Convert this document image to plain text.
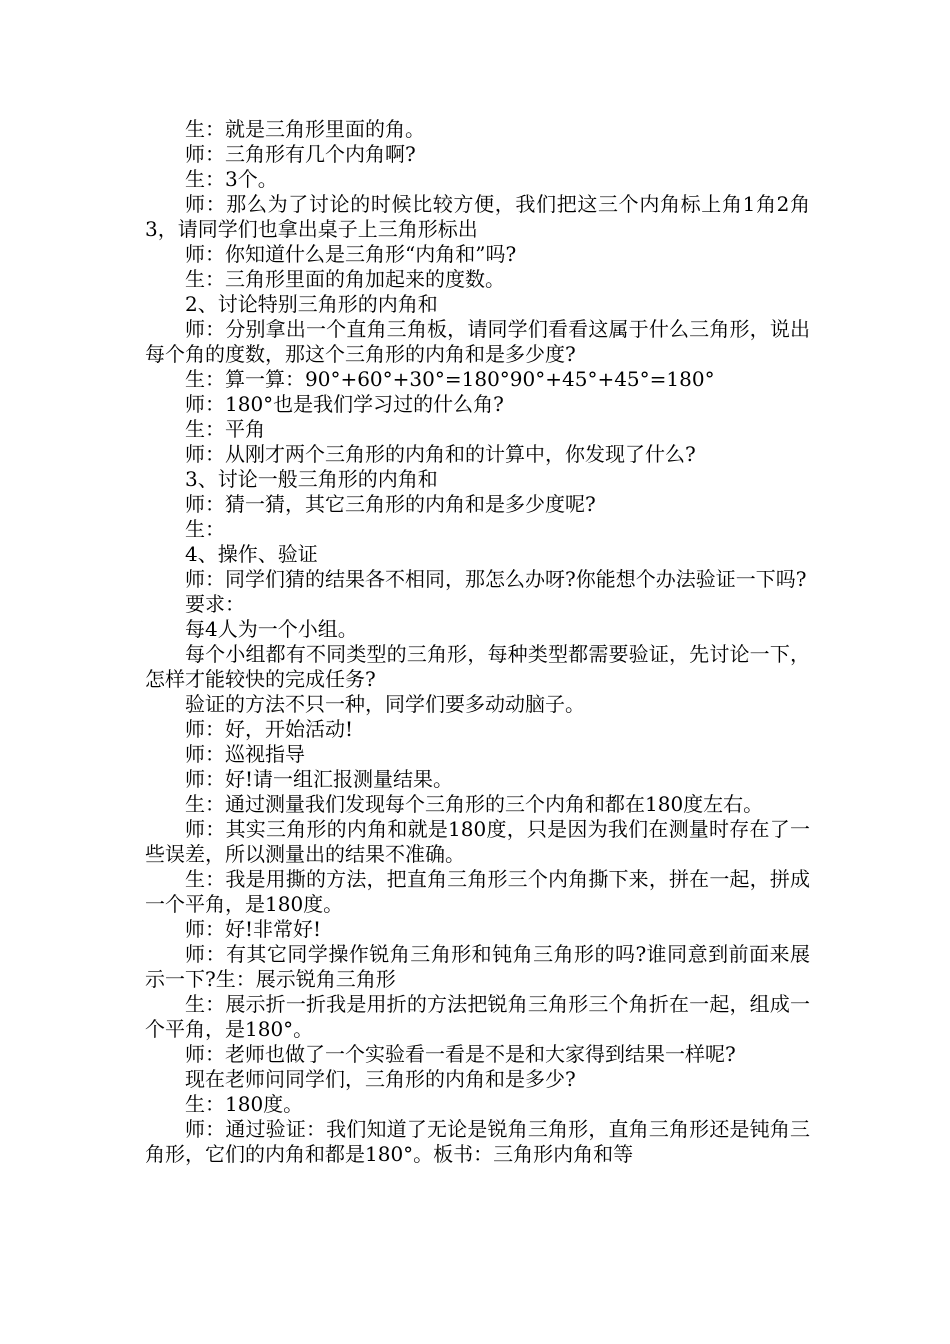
生：就是三角形里面的角。

师：三角形有几个内角啊?

生：3个。

师：那么为了讨论的时候比较方便，我们把这三个内角标上角1角2角3，请同学们也拿出桌子上三角形标出

师：你知道什么是三角形“内角和”吗?

生：三角形里面的角加起来的度数。

2、讨论特别三角形的内角和

师：分别拿出一个直角三角板，请同学们看看这属于什么三角形，说出每个角的度数，那这个三角形的内角和是多少度?

生：算一算：90°+60°+30°=180°90°+45°+45°=180°

师：180°也是我们学习过的什么角?

生：平角

师：从刚才两个三角形的内角和的计算中，你发现了什么?

3、讨论一般三角形的内角和

师：猜一猜，其它三角形的内角和是多少度呢?

生：

4、操作、验证

师：同学们猜的结果各不相同，那怎么办呀?你能想个办法验证一下吗?

要求：

每4人为一个小组。

每个小组都有不同类型的三角形，每种类型都需要验证，先讨论一下，怎样才能较快的完成任务?

验证的方法不只一种，同学们要多动动脑子。

师：好，开始活动!

师：巡视指导

师：好!请一组汇报测量结果。

生：通过测量我们发现每个三角形的三个内角和都在180度左右。

师：其实三角形的内角和就是180度，只是因为我们在测量时存在了一些误差，所以测量出的结果不准确。

生：我是用撕的方法，把直角三角形三个内角撕下来，拼在一起，拼成一个平角，是180度。

师：好!非常好!

师：有其它同学操作锐角三角形和钝角三角形的吗?谁同意到前面来展示一下?生：展示锐角三角形

生：展示折一折我是用折的方法把锐角三角形三个角折在一起，组成一个平角，是180°。

师：老师也做了一个实验看一看是不是和大家得到结果一样呢?

现在老师问同学们，三角形的内角和是多少?

生：180度。

师：通过验证：我们知道了无论是锐角三角形，直角三角形还是钝角三角形，它们的内角和都是180°。板书：三角形内角和等
